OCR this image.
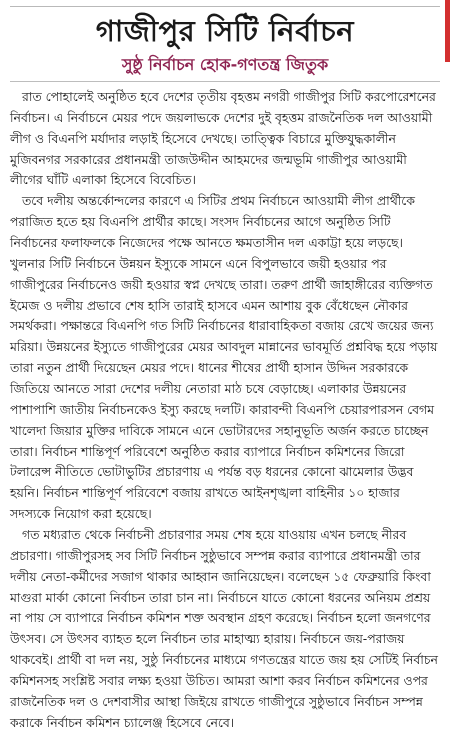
গাজীপুর সিটি নির্বাচন
সুষ্ঠু নির্বাচন হোক-গণতন্ত্র জিতুক

রাত পোহালেই অনুষ্ঠিত হবে দেশের তৃতীয় বৃহত্তম নগরী গাজীপুর সিটি করপোরেশনের নির্বাচন। এ নির্বাচনে মেয়র পদে জয়লাভকে দেশের দুই বৃহত্তম রাজনৈতিক দল আওয়ামী লীগ ও বিএনপি মর্যাদার লড়াই হিসেবে দেখছে। তাত্ত্বিক বিচারে মুক্তিযুদ্ধকালীন মুজিবনগর সরকারের প্রধানমন্ত্রী তাজউদ্দীন আহমদের জন্মভূমি গাজীপুর আওয়ামী লীগের ঘাঁটি এলাকা হিসেবে বিবেচিত।

তবে দলীয় অন্তর্কোন্দলের কারণে এ সিটির প্রথম নির্বাচনে আওয়ামী লীগ প্রার্থীকে পরাজিত হতে হয় বিএনপি প্রার্থীর কাছে। সংসদ নির্বাচনের আগে অনুষ্ঠিত সিটি নির্বাচনের ফলাফলকে নিজেদের পক্ষে আনতে ক্ষমতাসীন দল একাট্টা হয়ে লড়ছে। খুলনার সিটি নির্বাচনে উন্নয়ন ইস্যুকে সামনে এনে বিপুলভাবে জয়ী হওয়ার পর গাজীপুরের নির্বাচনেও জয়ী হওয়ার স্বপ্ন দেখছে তারা। তরুণ প্রার্থী জাহাঙ্গীরের ব্যক্তিগত ইমেজ ও দলীয় প্রভাবে শেষ হাসি তারাই হাসবে এমন আশায় বুক বেঁধেছেন নৌকার সমর্থকরা। পক্ষান্তরে বিএনপি গত সিটি নির্বাচনের ধারাবাহিকতা বজায় রেখে জয়ের জন্য মরিয়া। উন্নয়নের ইস্যুতে গাজীপুরের মেয়র আবদুল মান্নানের ভাবমূর্তি প্রশ্নবিদ্ধ হয়ে পড়ায় তারা নতুন প্রার্থী দিয়েছেন মেয়র পদে। ধানের শীষের প্রার্থী হাসান উদ্দিন সরকারকে জিতিয়ে আনতে সারা দেশের দলীয় নেতারা মাঠ চষে বেড়াচ্ছে। এলাকার উন্নয়নের পাশাপাশি জাতীয় নির্বাচনকেও ইস্যু করছে দলটি। কারাবন্দী বিএনপি চেয়ারপারসন বেগম খালেদা জিয়ার মুক্তির দাবিকে সামনে এনে ভোটারদের সহানুভূতি অর্জন করতে চাচ্ছেন তারা। নির্বাচন শান্তিপূর্ণ পরিবেশে অনুষ্ঠিত করার ব্যাপারে নির্বাচন কমিশনের জিরো টলারেন্স নীতিতে ভোটাভুটির প্রচারণায় এ পর্যন্ত বড় ধরনের কোনো ঝামেলার উদ্ভব হয়নি। নির্বাচন শান্তিপূর্ণ পরিবেশে বজায় রাখতে আইনশৃঙ্খলা বাহিনীর ১০ হাজার সদস্যকে নিয়োগ করা হয়েছে।

গত মধ্যরাত থেকে নির্বাচনী প্রচারণার সময় শেষ হয়ে যাওয়ায় এখন চলছে নীরব প্রচারণা। গাজীপুরসহ সব সিটি নির্বাচন সুষ্ঠুভাবে সম্পন্ন করার ব্যাপারে প্রধানমন্ত্রী তার দলীয় নেতা-কর্মীদের সজাগ থাকার আহ্বান জানিয়েছেন। বলেছেন ১৫ ফেব্রুয়ারি কিংবা মাগুরা মার্কা কোনো নির্বাচন তারা চান না। নির্বাচনে যাতে কোনো ধরনের অনিয়ম প্রশ্রয় না পায় সে ব্যাপারে নির্বাচন কমিশন শক্ত অবস্থান গ্রহণ করেছে। নির্বাচন হলো জনগণের উৎসব। সে উৎসব ব্যাহত হলে নির্বাচন তার মাহাত্ম্য হারায়। নির্বাচনে জয়-পরাজয় থাকবেই। প্রার্থী বা দল নয়, সুষ্ঠু নির্বাচনের মাধ্যমে গণতন্ত্রের যাতে জয় হয় সেটিই নির্বাচন কমিশনসহ সংশ্লিষ্ট সবার লক্ষ্য হওয়া উচিত। আমরা আশা করব নির্বাচন কমিশনের ওপর রাজনৈতিক দল ও দেশবাসীর আস্থা জিইয়ে রাখতে গাজীপুরে সুষ্ঠুভাবে নির্বাচন সম্পন্ন করাকে নির্বাচন কমিশন চ্যালেঞ্জ হিসেবে নেবে।
